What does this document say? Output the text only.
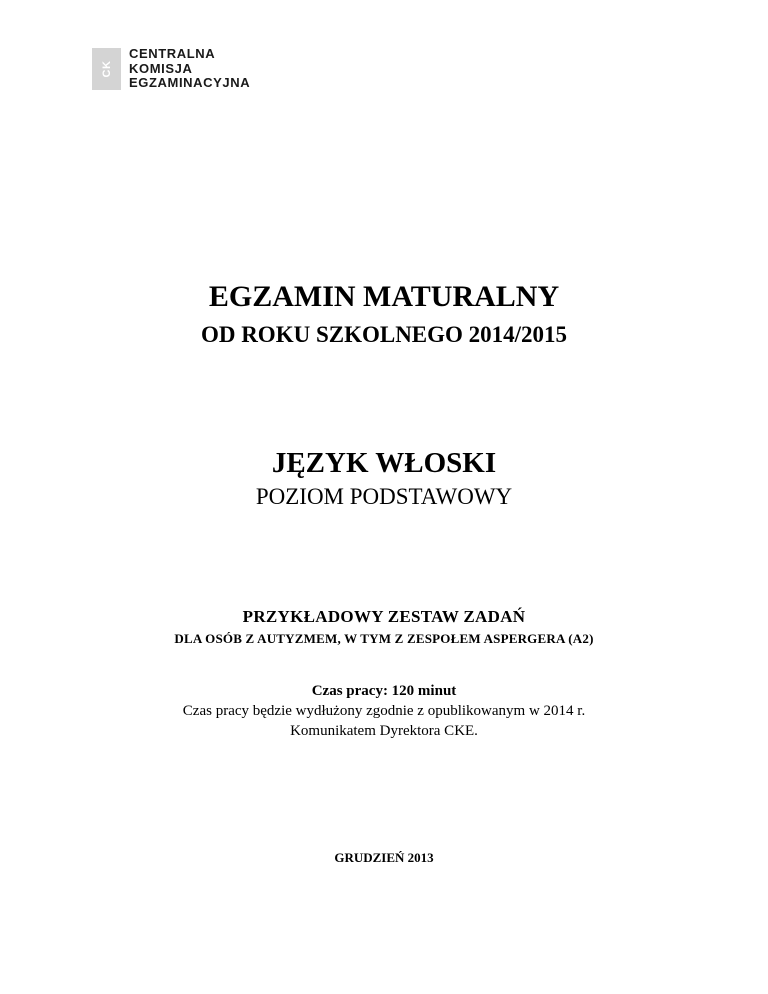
CK
CENTRALNA
KOMISJA
EGZAMINACYJNA
EGZAMIN MATURALNY
OD ROKU SZKOLNEGO 2014/2015
JĘZYK WŁOSKI
POZIOM PODSTAWOWY
PRZYKŁADOWY ZESTAW ZADAŃ
DLA OSÓB Z AUTYZMEM, W TYM Z ZESPOŁEM ASPERGERA (A2)
Czas pracy: 120 minut
Czas pracy będzie wydłużony zgodnie z opublikowanym w 2014 r.
Komunikatem Dyrektora CKE.
GRUDZIEŃ 2013
